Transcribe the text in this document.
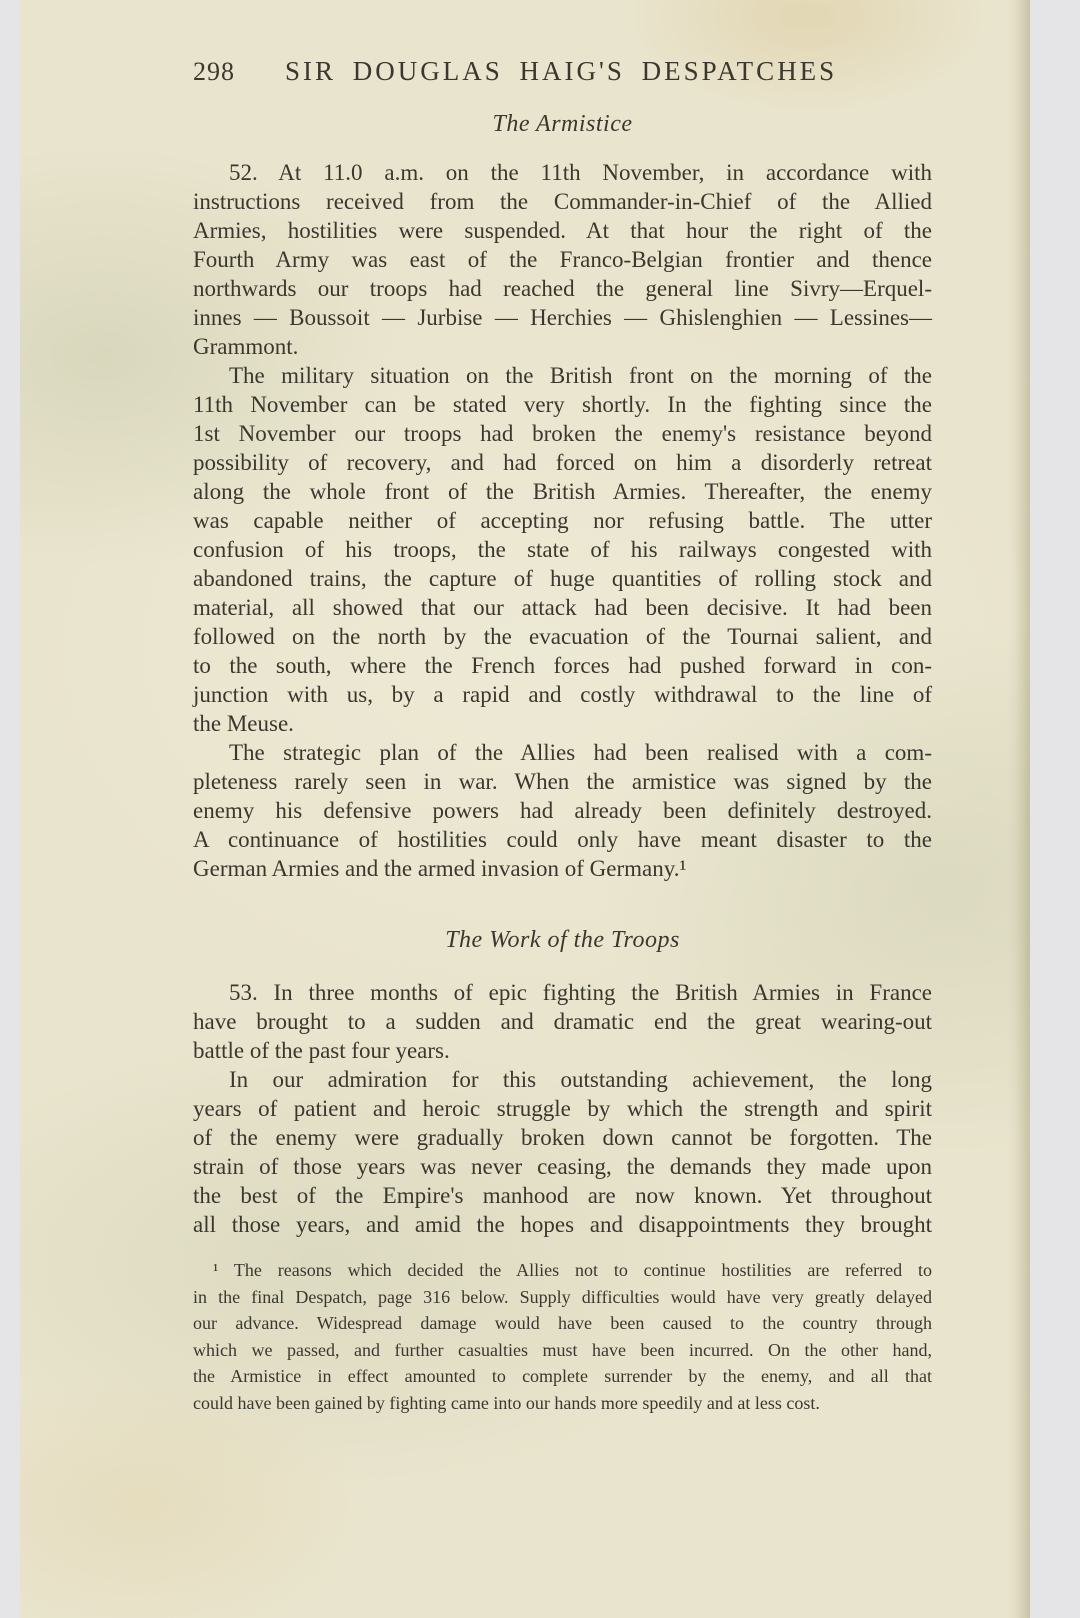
298 SIR DOUGLAS HAIG'S DESPATCHES
The Armistice
52. At 11.0 a.m. on the 11th November, in accordance with
instructions received from the Commander-in-Chief of the Allied
Armies, hostilities were suspended. At that hour the right of the
Fourth Army was east of the Franco-Belgian frontier and thence
northwards our troops had reached the general line Sivry—Erquel-
innes — Boussoit — Jurbise — Herchies — Ghislenghien — Lessines—
Grammont.
The military situation on the British front on the morning of the
11th November can be stated very shortly. In the fighting since the
1st November our troops had broken the enemy's resistance beyond
possibility of recovery, and had forced on him a disorderly retreat
along the whole front of the British Armies. Thereafter, the enemy
was capable neither of accepting nor refusing battle. The utter
confusion of his troops, the state of his railways congested with
abandoned trains, the capture of huge quantities of rolling stock and
material, all showed that our attack had been decisive. It had been
followed on the north by the evacuation of the Tournai salient, and
to the south, where the French forces had pushed forward in con-
junction with us, by a rapid and costly withdrawal to the line of
the Meuse.
The strategic plan of the Allies had been realised with a com-
pleteness rarely seen in war. When the armistice was signed by the
enemy his defensive powers had already been definitely destroyed.
A continuance of hostilities could only have meant disaster to the
German Armies and the armed invasion of Germany.¹
The Work of the Troops
53. In three months of epic fighting the British Armies in France
have brought to a sudden and dramatic end the great wearing-out
battle of the past four years.
In our admiration for this outstanding achievement, the long
years of patient and heroic struggle by which the strength and spirit
of the enemy were gradually broken down cannot be forgotten. The
strain of those years was never ceasing, the demands they made upon
the best of the Empire's manhood are now known. Yet throughout
all those years, and amid the hopes and disappointments they brought
¹ The reasons which decided the Allies not to continue hostilities are referred to
in the final Despatch, page 316 below. Supply difficulties would have very greatly delayed
our advance. Widespread damage would have been caused to the country through
which we passed, and further casualties must have been incurred. On the other hand,
the Armistice in effect amounted to complete surrender by the enemy, and all that
could have been gained by fighting came into our hands more speedily and at less cost.
